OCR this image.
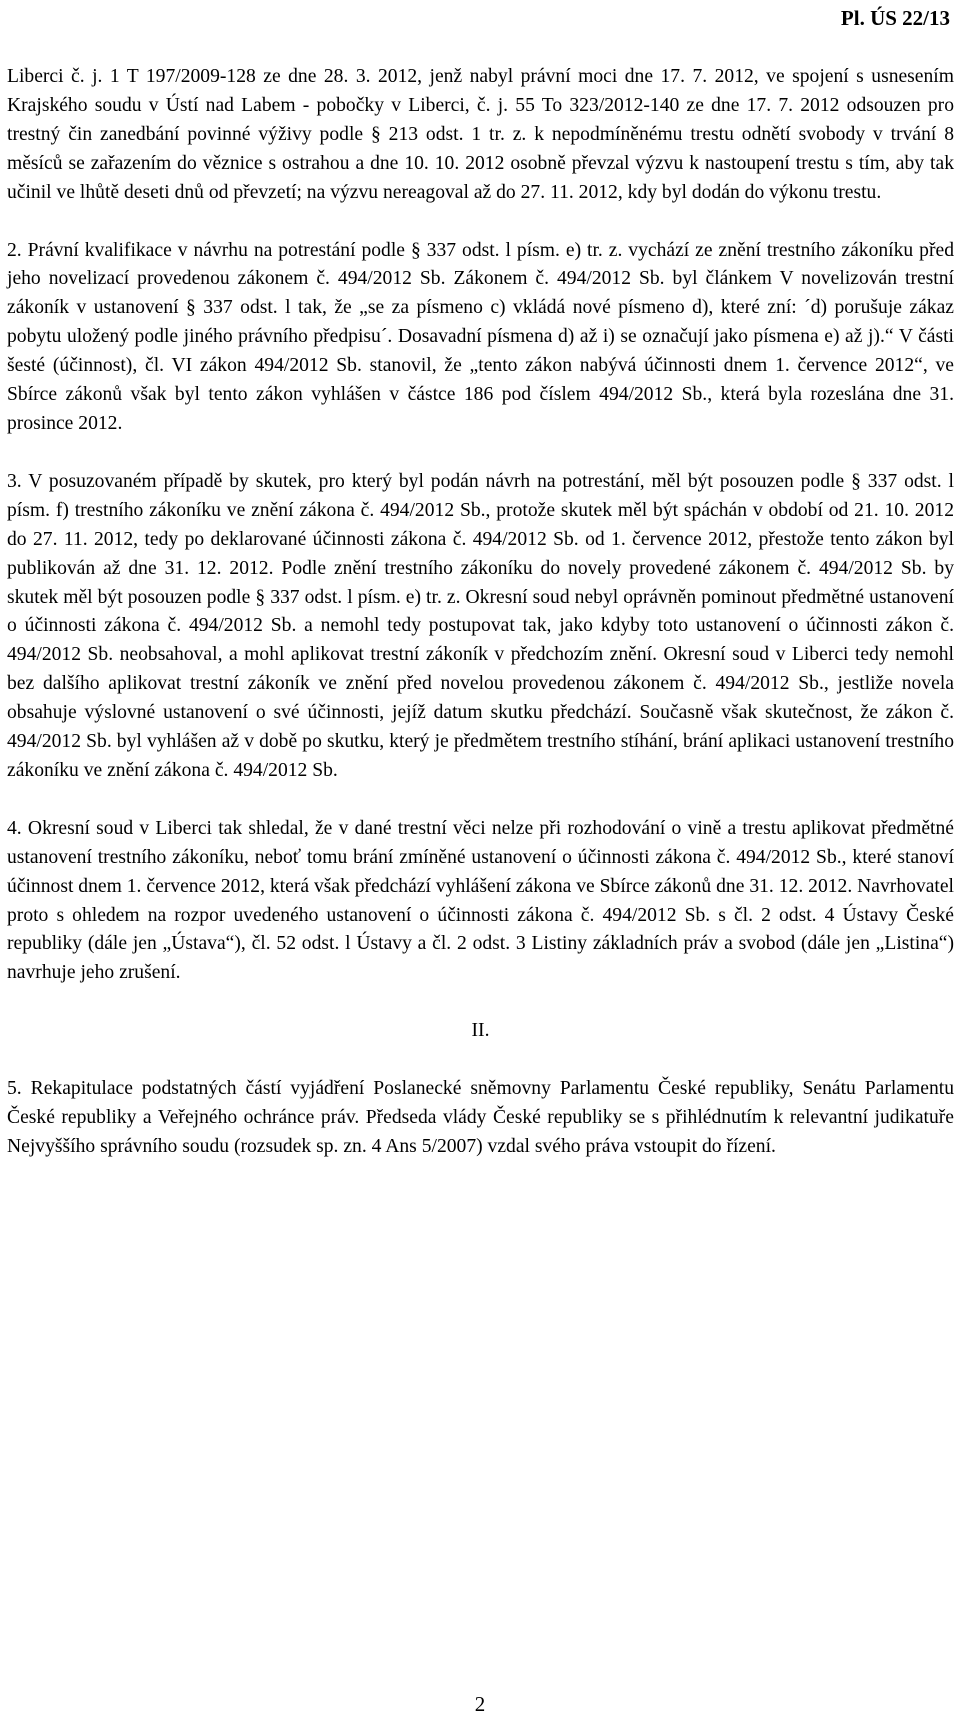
Pl. ÚS 22/13

Liberci č. j. 1 T 197/2009-128 ze dne 28. 3. 2012, jenž nabyl právní moci dne 17. 7. 2012, ve spojení s usnesením Krajského soudu v Ústí nad Labem - pobočky v Liberci, č. j. 55 To 323/2012-140 ze dne 17. 7. 2012 odsouzen pro trestný čin zanedbání povinné výživy podle § 213 odst. 1 tr. z. k nepodmíněnému trestu odnětí svobody v trvání 8 měsíců se zařazením do věznice s ostrahou a dne 10. 10. 2012 osobně převzal výzvu k nastoupení trestu s tím, aby tak učinil ve lhůtě deseti dnů od převzetí; na výzvu nereagoval až do 27. 11. 2012, kdy byl dodán do výkonu trestu.

2. Právní kvalifikace v návrhu na potrestání podle § 337 odst. l písm. e) tr. z. vychází ze znění trestního zákoníku před jeho novelizací provedenou zákonem č. 494/2012 Sb. Zákonem č. 494/2012 Sb. byl článkem V novelizován trestní zákoník v ustanovení § 337 odst. l tak, že „se za písmeno c) vkládá nové písmeno d), které zní: ´d) porušuje zákaz pobytu uložený podle jiného právního předpisu´. Dosavadní písmena d) až i) se označují jako písmena e) až j).“ V části šesté (účinnost), čl. VI zákon 494/2012 Sb. stanovil, že „tento zákon nabývá účinnosti dnem 1. července 2012“, ve Sbírce zákonů však byl tento zákon vyhlášen v částce 186 pod číslem 494/2012 Sb., která byla rozeslána dne 31. prosince 2012.

3. V posuzovaném případě by skutek, pro který byl podán návrh na potrestání, měl být posouzen podle § 337 odst. l písm. f) trestního zákoníku ve znění zákona č. 494/2012 Sb., protože skutek měl být spáchán v období od 21. 10. 2012 do 27. 11. 2012, tedy po deklarované účinnosti zákona č. 494/2012 Sb. od 1. července 2012, přestože tento zákon byl publikován až dne 31. 12. 2012. Podle znění trestního zákoníku do novely provedené zákonem č. 494/2012 Sb. by skutek měl být posouzen podle § 337 odst. l písm. e) tr. z. Okresní soud nebyl oprávněn pominout předmětné ustanovení o účinnosti zákona č. 494/2012 Sb. a nemohl tedy postupovat tak, jako kdyby toto ustanovení o účinnosti zákon č. 494/2012 Sb. neobsahoval, a mohl aplikovat trestní zákoník v předchozím znění. Okresní soud v Liberci tedy nemohl bez dalšího aplikovat trestní zákoník ve znění před novelou provedenou zákonem č. 494/2012 Sb., jestliže novela obsahuje výslovné ustanovení o své účinnosti, jejíž datum skutku předchází. Současně však skutečnost, že zákon č. 494/2012 Sb. byl vyhlášen až v době po skutku, který je předmětem trestního stíhání, brání aplikaci ustanovení trestního zákoníku ve znění zákona č. 494/2012 Sb.

4. Okresní soud v Liberci tak shledal, že v dané trestní věci nelze při rozhodování o vině a trestu aplikovat předmětné ustanovení trestního zákoníku, neboť tomu brání zmíněné ustanovení o účinnosti zákona č. 494/2012 Sb., které stanoví účinnost dnem 1. července 2012, která však předchází vyhlášení zákona ve Sbírce zákonů dne 31. 12. 2012. Navrhovatel proto s ohledem na rozpor uvedeného ustanovení o účinnosti zákona č. 494/2012 Sb. s čl. 2 odst. 4 Ústavy České republiky (dále jen „Ústava“), čl. 52 odst. l Ústavy a čl. 2 odst. 3 Listiny základních práv a svobod (dále jen „Listina“) navrhuje jeho zrušení.

II.

5. Rekapitulace podstatných částí vyjádření Poslanecké sněmovny Parlamentu České republiky, Senátu Parlamentu České republiky a Veřejného ochránce práv. Předseda vlády České republiky se s přihlédnutím k relevantní judikatuře Nejvyššího správního soudu (rozsudek sp. zn. 4 Ans 5/2007) vzdal svého práva vstoupit do řízení.

2
